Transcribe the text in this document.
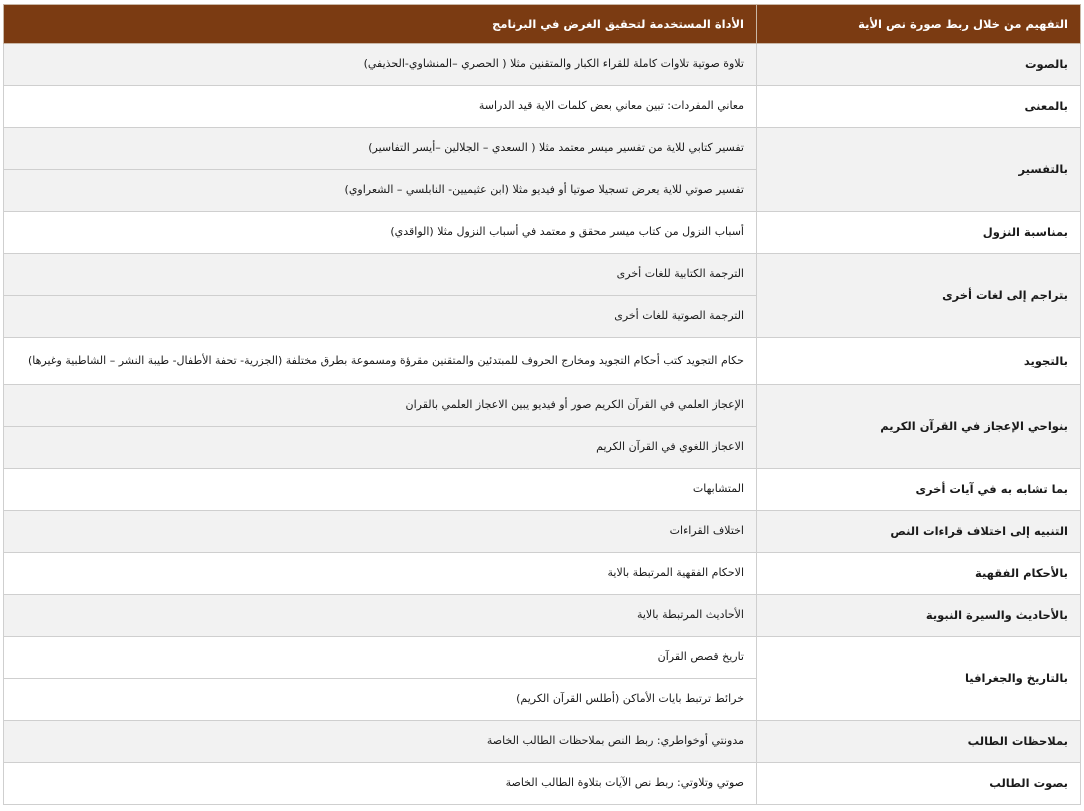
التفهيم من خلال ربط صورة نص الأية	الأداة المستخدمة لتحقيق الغرض في البرنامج
بالصوت	تلاوة صوتية تلاوات كاملة للقراء الكبار والمتقنين مثلا ( الحصري –المنشاوي-الحذيفي)
بالمعنى	معاني المفردات: تبين معاني بعض كلمات الاية قيد الدراسة
بالتفسير	تفسير كتابي للاية من تفسير ميسر معتمد مثلا ( السعدي – الجلالين –أيسر التفاسير)
	تفسير صوتي للاية يعرض تسجيلا صوتيا أو فيديو مثلا (ابن عثيميين- النابلسي – الشعراوي)
بمناسبة النزول	أسباب النزول من كتاب ميسر محقق و معتمد في أسباب النزول مثلا (الواقدي)
بتراجم إلى لغات أخرى	الترجمة الكتابية للغات أخرى
	الترجمة الصوتية للغات أخرى
بالتجويد	حكام التجويد كتب أحكام التجويد ومخارج الحروف للمبتدئين والمتقنين مقرؤة ومسموعة بطرق مختلفة (الجزرية- تحفة الأطفال- طيبة النشر – الشاطبية وغيرها)
بنواحي الإعجاز في القرآن الكريم	الإعجاز العلمي في القرآن الكريم صور أو فيديو يبين الاعجاز العلمي بالقران
	الاعجاز اللغوي في القرآن الكريم
بما تشابه به في آيات أخرى	المتشابهات
التنبيه إلى اختلاف قراءات النص	اختلاف القراءات
بالأحكام الفقهية	الاحكام الفقهية المرتبطة بالاية
بالأحاديث والسيرة النبوية	الأحاديث المرتبطة بالاية
بالتاريخ والجغرافيا	تاريخ قصص القرآن
	خرائط ترتبط بايات الأماكن (أطلس القرآن الكريم)
بملاحظات الطالب	مدونتي أوخواطري: ربط النص بملاحظات الطالب الخاصة
بصوت الطالب	صوتي وتلاوتي: ربط نص الآيات بتلاوة الطالب الخاصة
